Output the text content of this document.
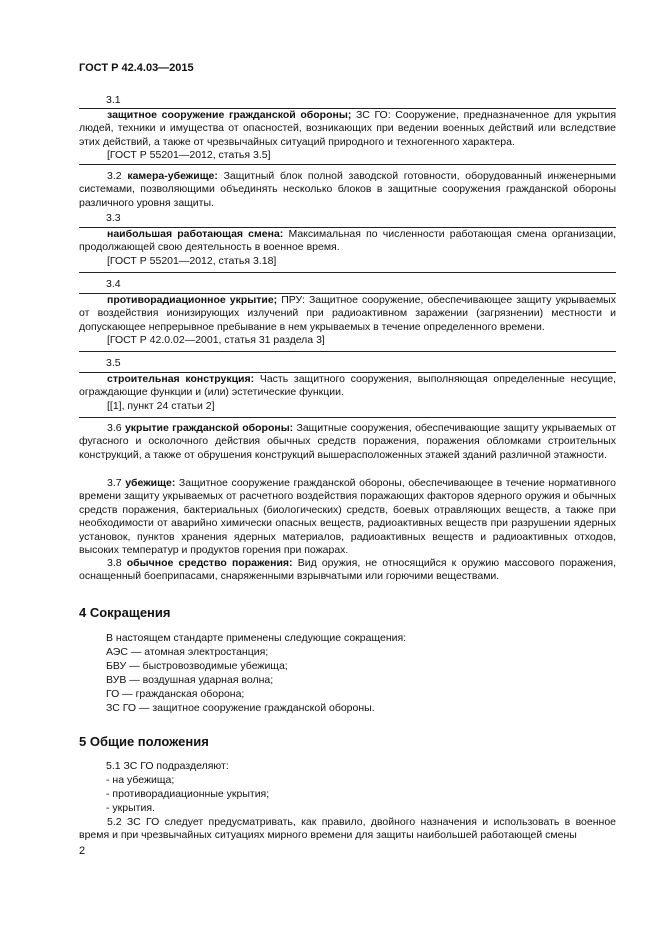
ГОСТ Р 42.4.03—2015
3.1

защитное сооружение гражданской обороны; ЗС ГО: Сооружение, предназначенное для укрытия людей, техники и имущества от опасностей, возникающих при ведении военных действий или вследствие этих действий, а также от чрезвычайных ситуаций природного и техногенного характера.

[ГОСТ Р 55201—2012, статья 3.5]

3.2 камера-убежище: Защитный блок полной заводской готовности, оборудованный инженерными системами, позволяющими объединять несколько блоков в защитные сооружения гражданской обороны различного уровня защиты.

3.3

наибольшая работающая смена: Максимальная по численности работающая смена организации, продолжающей свою деятельность в военное время.

[ГОСТ Р 55201—2012, статья 3.18]

3.4

противорадиационное укрытие; ПРУ: Защитное сооружение, обеспечивающее защиту укрываемых от воздействия ионизирующих излучений при радиоактивном заражении (загрязнении) местности и допускающее непрерывное пребывание в нем укрываемых в течение определенного времени.

[ГОСТ Р 42.0.02—2001, статья 31 раздела 3]

3.5

строительная конструкция: Часть защитного сооружения, выполняющая определенные несущие, ограждающие функции и (или) эстетические функции.

[[1], пункт 24 статьи 2]

3.6 укрытие гражданской обороны: Защитные сооружения, обеспечивающие защиту укрываемых от фугасного и осколочного действия обычных средств поражения, поражения обломками строительных конструкций, а также от обрушения конструкций вышерасположенных этажей зданий различной этажности.

3.7 убежище: Защитное сооружение гражданской обороны, обеспечивающее в течение нормативного времени защиту укрываемых от расчетного воздействия поражающих факторов ядерного оружия и обычных средств поражения, бактериальных (биологических) средств, боевых отравляющих веществ, а также при необходимости от аварийно химически опасных веществ, радиоактивных веществ при разрушении ядерных установок, пунктов хранения ядерных материалов, радиоактивных веществ и радиоактивных отходов, высоких температур и продуктов горения при пожарах.

3.8 обычное средство поражения: Вид оружия, не относящийся к оружию массового поражения, оснащенный боеприпасами, снаряженными взрывчатыми или горючими веществами.

4 Сокращения

В настоящем стандарте применены следующие сокращения:

АЭС — атомная электростанция;

БВУ — быстровозводимые убежища;

ВУВ — воздушная ударная волна;

ГО — гражданская оборона;

ЗС ГО — защитное сооружение гражданской обороны.

5 Общие положения

5.1 ЗС ГО подразделяют:

- на убежища;

- противорадиационные укрытия;

- укрытия.

5.2 ЗС ГО следует предусматривать, как правило, двойного назначения и использовать в военное время и при чрезвычайных ситуациях мирного времени для защиты наибольшей работающей смены

2
